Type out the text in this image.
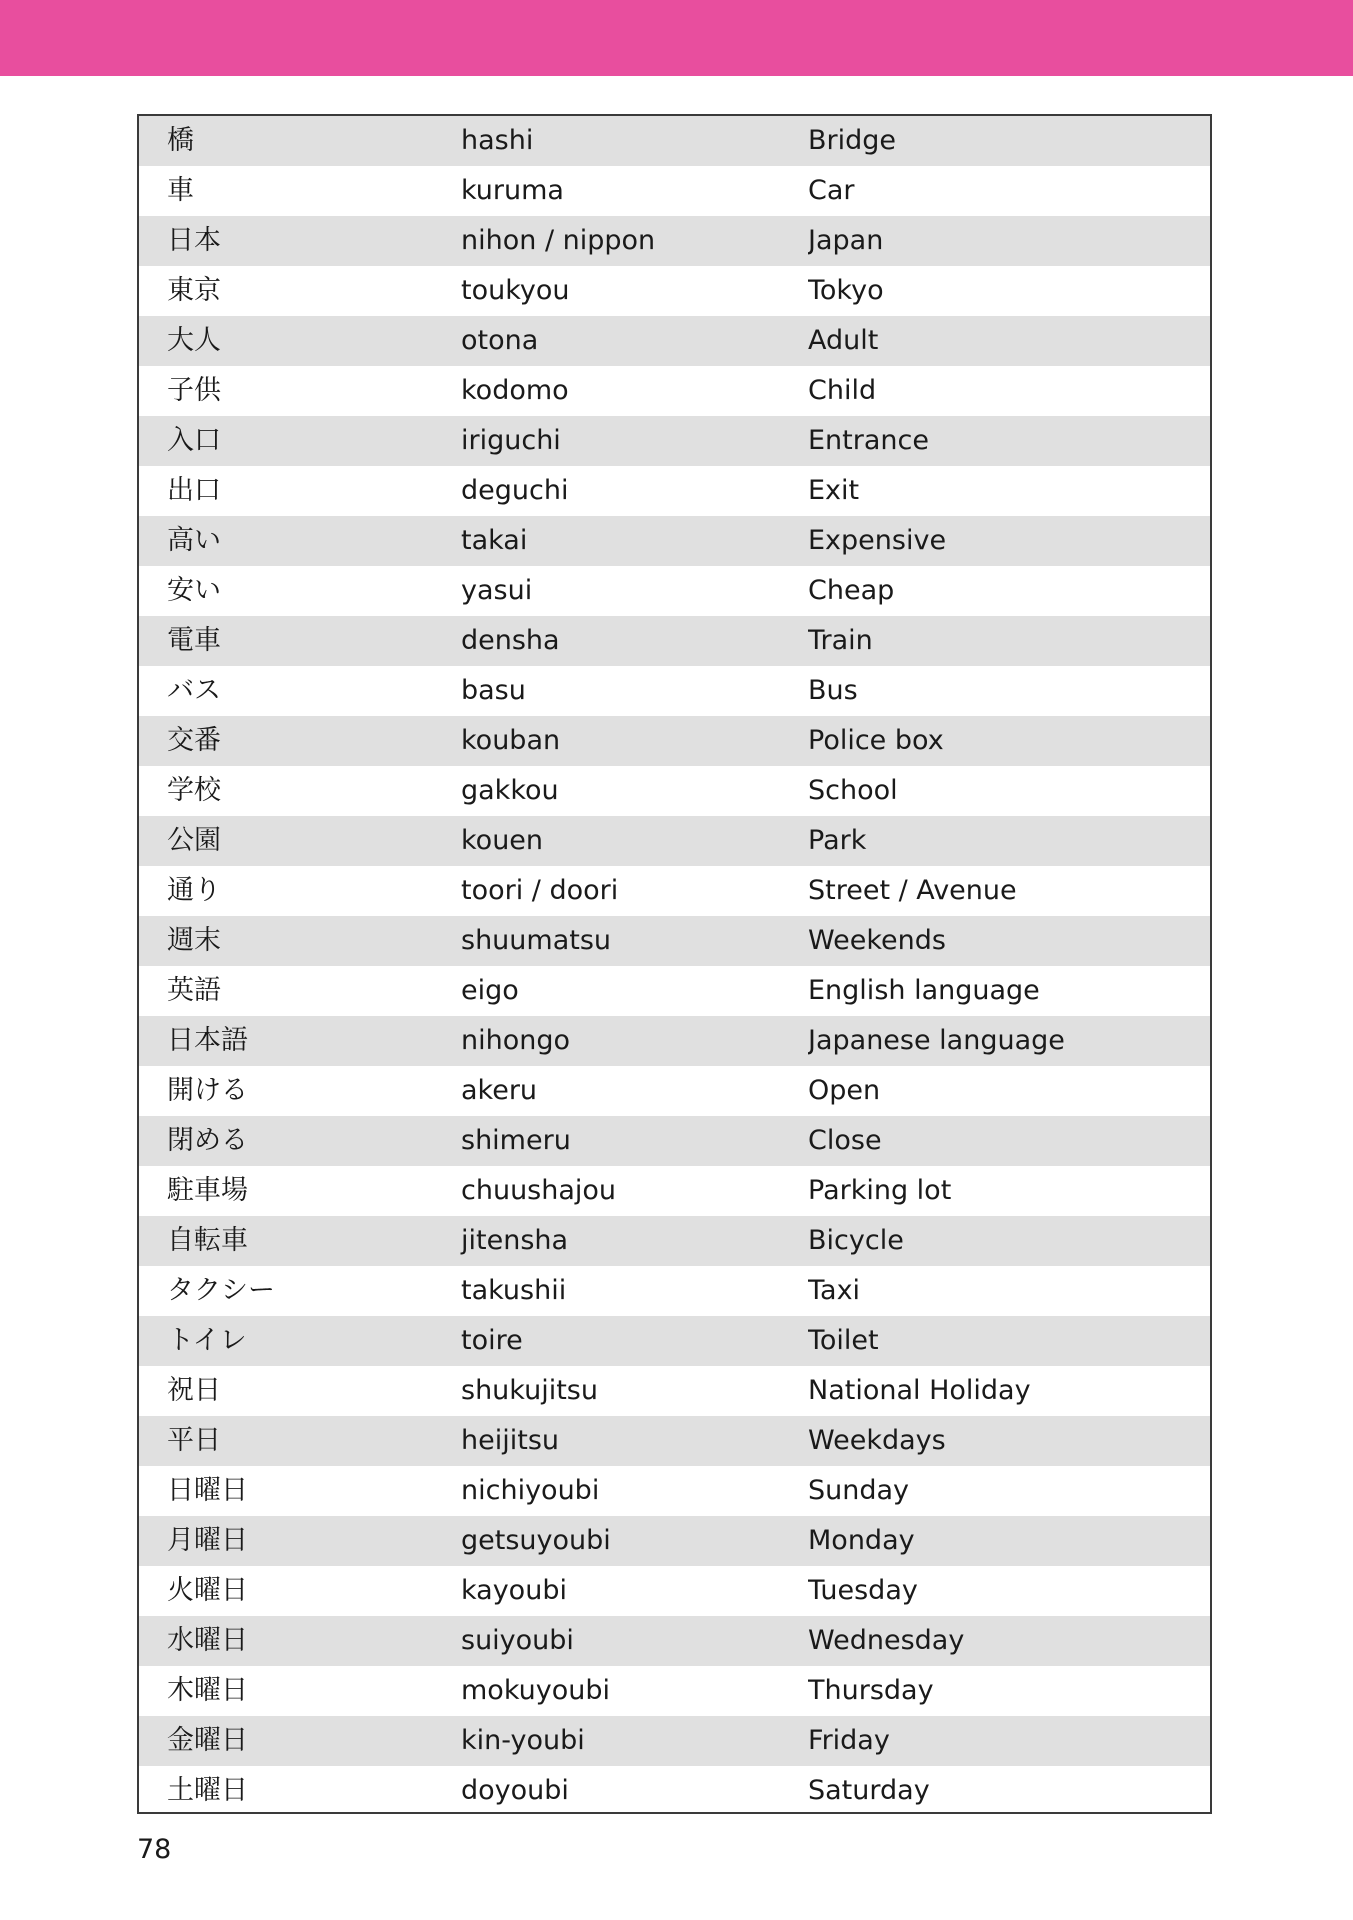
橋	hashi	Bridge
車	kuruma	Car
日本	nihon / nippon	Japan
東京	toukyou	Tokyo
大人	otona	Adult
子供	kodomo	Child
入口	iriguchi	Entrance
出口	deguchi	Exit
高い	takai	Expensive
安い	yasui	Cheap
電車	densha	Train
バス	basu	Bus
交番	kouban	Police box
学校	gakkou	School
公園	kouen	Park
通り	toori / doori	Street / Avenue
週末	shuumatsu	Weekends
英語	eigo	English language
日本語	nihongo	Japanese language
開ける	akeru	Open
閉める	shimeru	Close
駐車場	chuushajou	Parking lot
自転車	jitensha	Bicycle
タクシー	takushii	Taxi
トイレ	toire	Toilet
祝日	shukujitsu	National Holiday
平日	heijitsu	Weekdays
日曜日	nichiyoubi	Sunday
月曜日	getsuyoubi	Monday
火曜日	kayoubi	Tuesday
水曜日	suiyoubi	Wednesday
木曜日	mokuyoubi	Thursday
金曜日	kin-youbi	Friday
土曜日	doyoubi	Saturday
78
